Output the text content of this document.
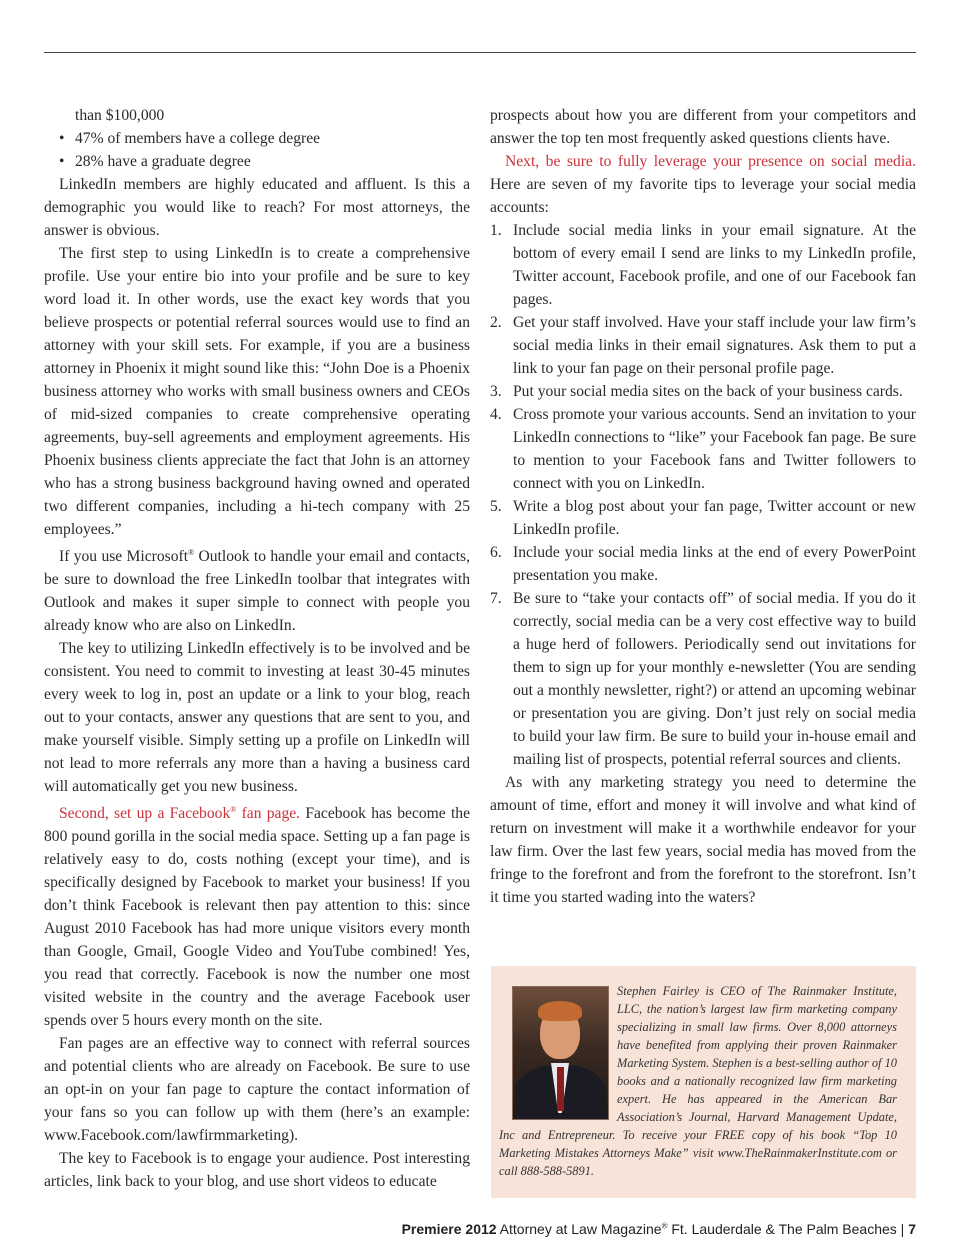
than $100,000

• 47% of members have a college degree
• 28% have a graduate degree

LinkedIn members are highly educated and affluent. Is this a demographic you would like to reach? For most attorneys, the answer is obvious.

The first step to using LinkedIn is to create a comprehensive profile. Use your entire bio into your profile and be sure to key word load it. In other words, use the exact key words that you believe prospects or potential referral sources would use to find an attorney with your skill sets. For example, if you are a business attorney in Phoenix it might sound like this: “John Doe is a Phoenix business attorney who works with small business owners and CEOs of mid-sized companies to create comprehensive operating agreements, buy-sell agreements and employment agreements. His Phoenix business clients appreciate the fact that John is an attorney who has a strong business background having owned and operated two different companies, including a hi-tech company with 25 employees.”

If you use Microsoft® Outlook to handle your email and contacts, be sure to download the free LinkedIn toolbar that integrates with Outlook and makes it super simple to connect with people you already know who are also on LinkedIn.

The key to utilizing LinkedIn effectively is to be involved and be consistent. You need to commit to investing at least 30-45 minutes every week to log in, post an update or a link to your blog, reach out to your contacts, answer any questions that are sent to you, and make yourself visible. Simply setting up a profile on LinkedIn will not lead to more referrals any more than a having a business card will automatically get you new business.

Second, set up a Facebook® fan page. Facebook has become the 800 pound gorilla in the social media space. Setting up a fan page is relatively easy to do, costs nothing (except your time), and is specifically designed by Facebook to market your business! If you don’t think Facebook is relevant then pay attention to this: since August 2010 Facebook has had more unique visitors every month than Google, Gmail, Google Video and YouTube combined! Yes, you read that correctly. Facebook is now the number one most visited website in the country and the average Facebook user spends over 5 hours every month on the site.

Fan pages are an effective way to connect with referral sources and potential clients who are already on Facebook. Be sure to use an opt-in on your fan page to capture the contact information of your fans so you can follow up with them (here’s an example: www.Facebook.com/lawfirmmarketing).

The key to Facebook is to engage your audience. Post interesting articles, link back to your blog, and use short videos to educate

prospects about how you are different from your competitors and answer the top ten most frequently asked questions clients have.

Next, be sure to fully leverage your presence on social media. Here are seven of my favorite tips to leverage your social media accounts:

1. Include social media links in your email signature. At the bottom of every email I send are links to my LinkedIn profile, Twitter account, Facebook profile, and one of our Facebook fan pages.
2. Get your staff involved. Have your staff include your law firm’s social media links in their email signatures. Ask them to put a link to your fan page on their personal profile page.
3. Put your social media sites on the back of your business cards.
4. Cross promote your various accounts. Send an invitation to your LinkedIn connections to “like” your Facebook fan page. Be sure to mention to your Facebook fans and Twitter followers to connect with you on LinkedIn.
5. Write a blog post about your fan page, Twitter account or new LinkedIn profile.
6. Include your social media links at the end of every PowerPoint presentation you make.
7. Be sure to “take your contacts off” of social media. If you do it correctly, social media can be a very cost effective way to build a huge herd of followers. Periodically send out invitations for them to sign up for your monthly e-newsletter (You are sending out a monthly newsletter, right?) or attend an upcoming webinar or presentation you are giving. Don’t just rely on social media to build your law firm. Be sure to build your in-house email and mailing list of prospects, potential referral sources and clients.

As with any marketing strategy you need to determine the amount of time, effort and money it will involve and what kind of return on investment will make it a worthwhile endeavor for your law firm. Over the last few years, social media has moved from the fringe to the forefront and from the forefront to the storefront. Isn’t it time you started wading into the waters?

Stephen Fairley is CEO of The Rainmaker Institute, LLC, the nation’s largest law firm marketing company specializing in small law firms. Over 8,000 attorneys have benefited from applying their proven Rainmaker Marketing System. Stephen is a best-selling author of 10 books and a nationally recognized law firm marketing expert. He has appeared in the American Bar Association’s Journal, Harvard Management Update, Inc and Entrepreneur. To receive your FREE copy of his book “Top 10 Marketing Mistakes Attorneys Make” visit www.TheRainmakerInstitute.com or call 888-588-5891.
Premiere 2012 Attorney at Law Magazine® Ft. Lauderdale & The Palm Beaches | 7
